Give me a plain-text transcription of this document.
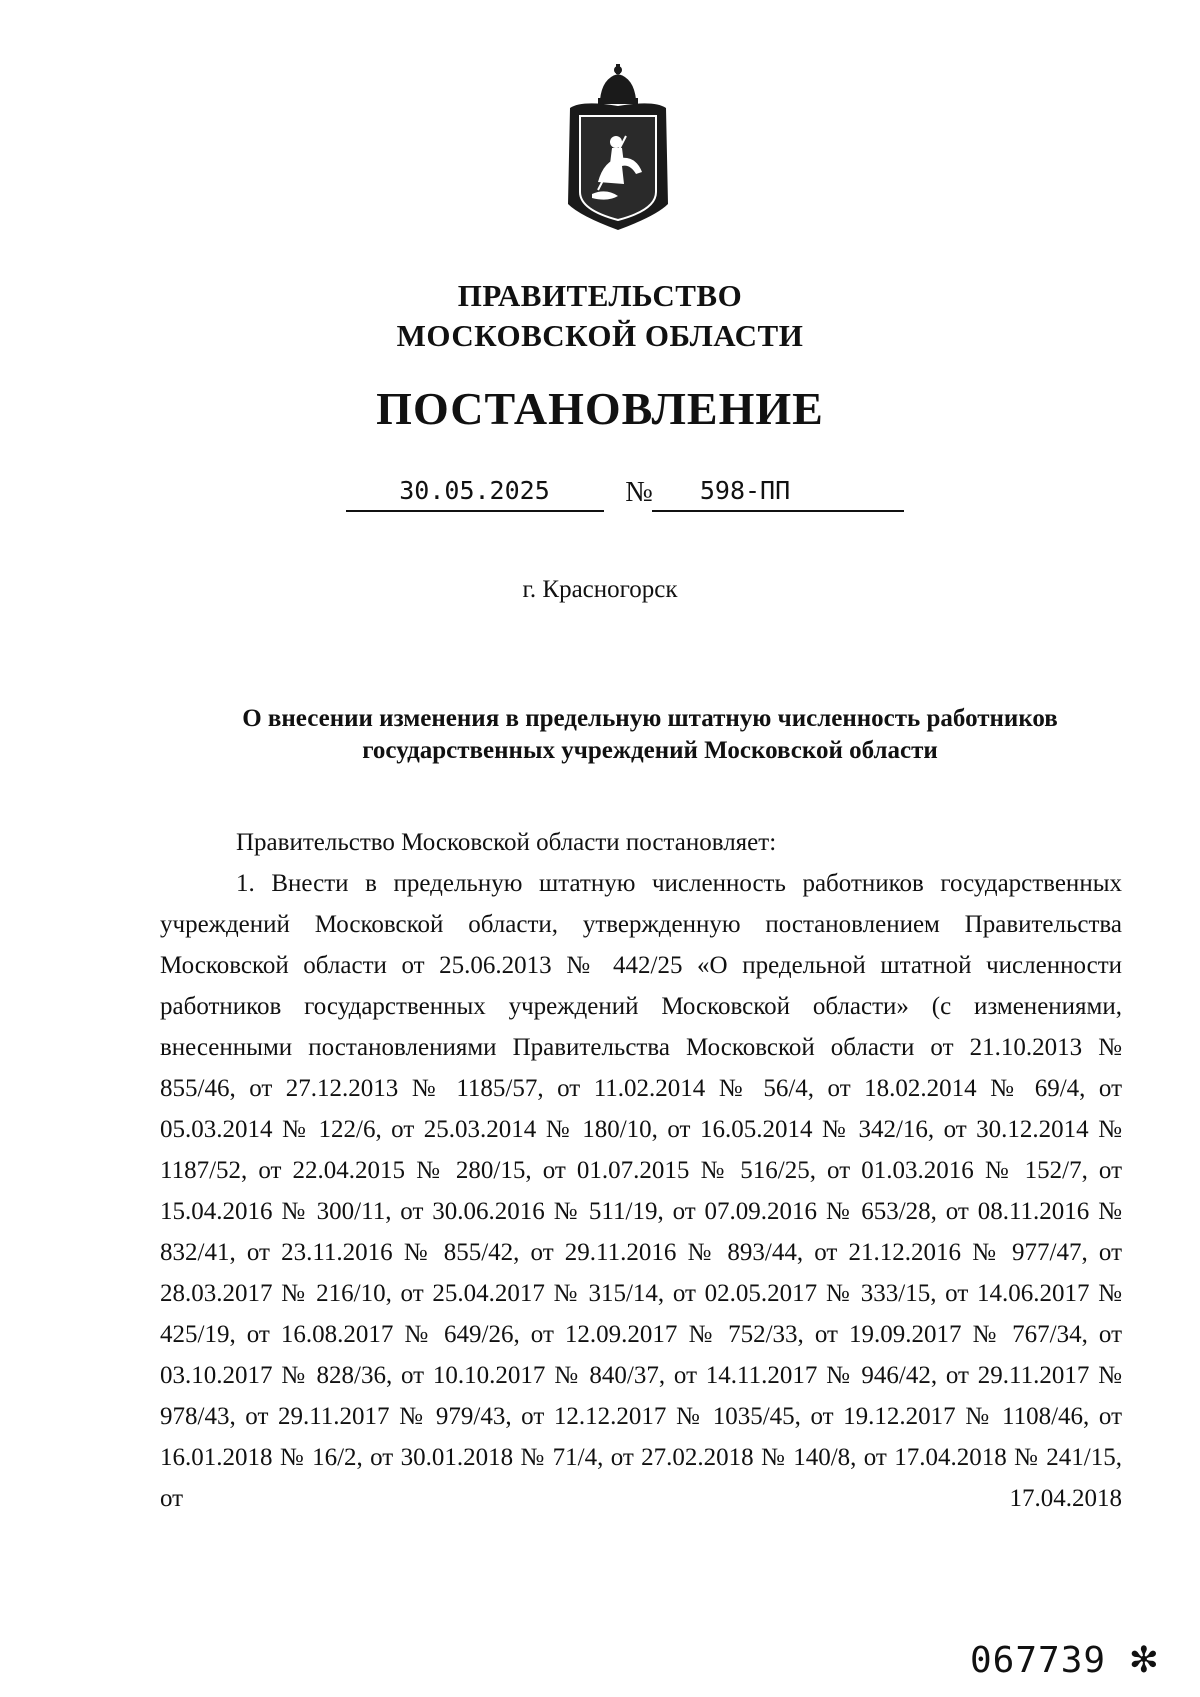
ПРАВИТЕЛЬСТВО
МОСКОВСКОЙ ОБЛАСТИ
ПОСТАНОВЛЕНИЕ
30.05.2025	№	598-ПП
г. Красногорск
О внесении изменения в предельную штатную численность работников государственных учреждений Московской области

Правительство Московской области постановляет:

1. Внести в предельную штатную численность работников государственных учреждений Московской области, утвержденную постановлением Правительства Московской области от 25.06.2013 № 442/25 «О предельной штатной численности работников государственных учреждений Московской области» (с изменениями, внесенными постановлениями Правительства Московской области от 21.10.2013 № 855/46, от 27.12.2013 № 1185/57, от 11.02.2014 № 56/4, от 18.02.2014 № 69/4, от 05.03.2014 № 122/6, от 25.03.2014 № 180/10, от 16.05.2014 № 342/16, от 30.12.2014 № 1187/52, от 22.04.2015 № 280/15, от 01.07.2015 № 516/25, от 01.03.2016 № 152/7, от 15.04.2016 № 300/11, от 30.06.2016 № 511/19, от 07.09.2016 № 653/28, от 08.11.2016 № 832/41, от 23.11.2016 № 855/42, от 29.11.2016 № 893/44, от 21.12.2016 № 977/47, от 28.03.2017 № 216/10, от 25.04.2017 № 315/14, от 02.05.2017 № 333/15, от 14.06.2017 № 425/19, от 16.08.2017 № 649/26, от 12.09.2017 № 752/33, от 19.09.2017 № 767/34, от 03.10.2017 № 828/36, от 10.10.2017 № 840/37, от 14.11.2017 № 946/42, от 29.11.2017 № 978/43, от 29.11.2017 № 979/43, от 12.12.2017 № 1035/45, от 19.12.2017 № 1108/46, от 16.01.2018 № 16/2, от 30.01.2018 № 71/4, от 27.02.2018 № 140/8, от 17.04.2018 № 241/15, от 17.04.2018

067739 ✻
